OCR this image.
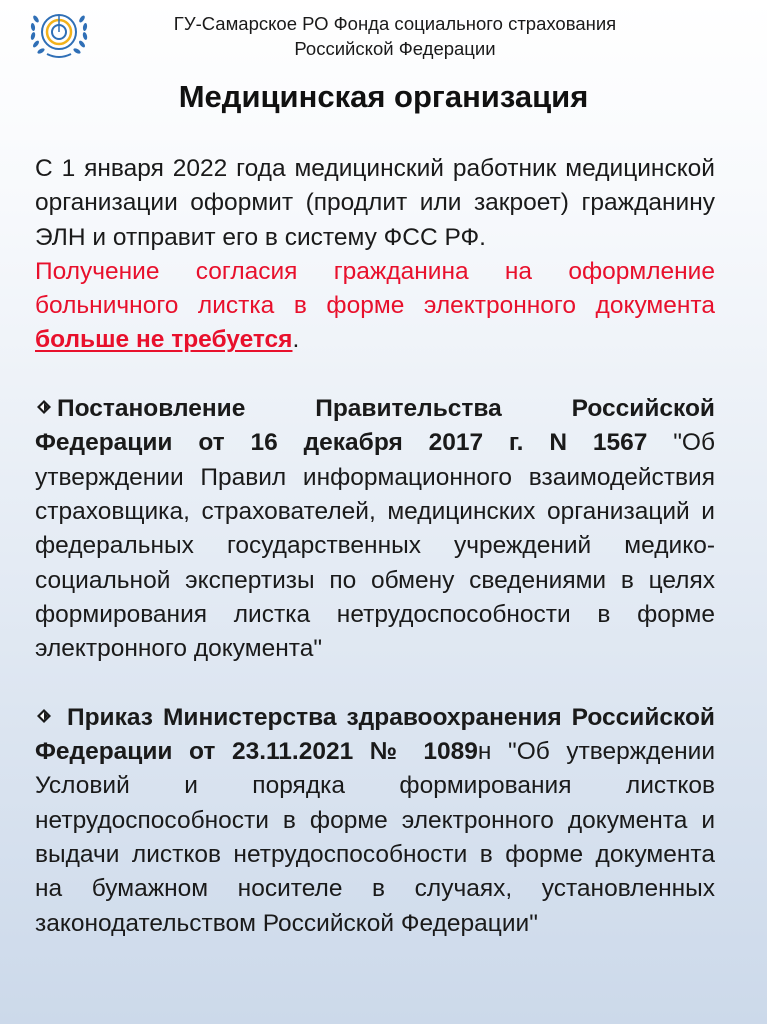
ГУ-Самарское РО Фонда социального страхования
Российской Федерации
Медицинская организация

С 1 января 2022 года медицинский работник медицинской организации оформит (продлит или закроет) гражданину ЭЛН и отправит его в систему ФСС РФ.

Получение согласия гражданина на оформление больничного листка в форме электронного документа больше не требуется.

Постановление Правительства Российской Федерации от 16 декабря 2017 г. N 1567 "Об утверждении Правил информационного взаимодействия страховщика, страхователей, медицинских организаций и федеральных государственных учреждений медико-социальной экспертизы по обмену сведениями в целях формирования листка нетрудоспособности в форме электронного документа"

Приказ Министерства здравоохранения Российской Федерации от 23.11.2021 № 1089н "Об утверждении Условий и порядка формирования листков нетрудоспособности в форме электронного документа и выдачи листков нетрудоспособности в форме документа на бумажном носителе в случаях, установленных законодательством Российской Федерации"
